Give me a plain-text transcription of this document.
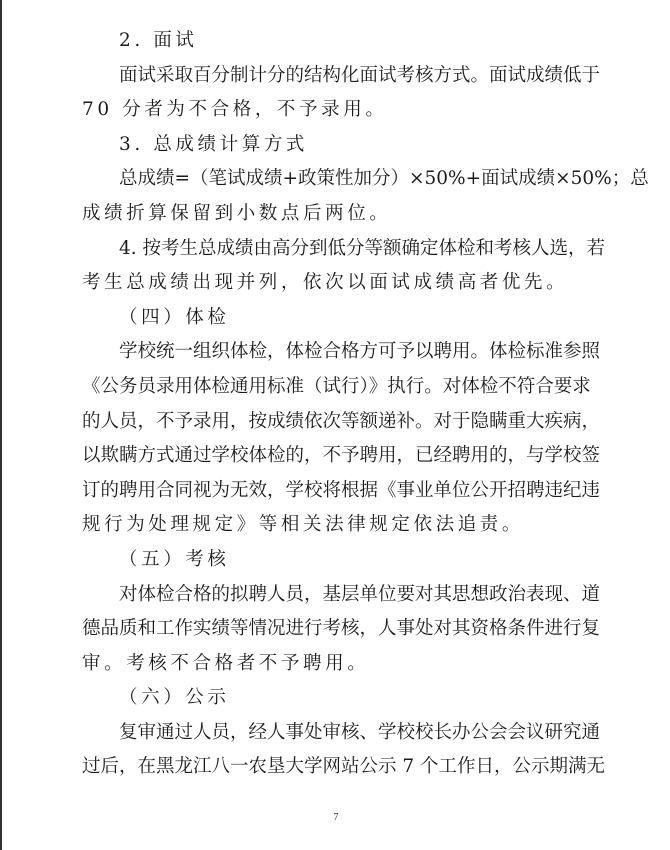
2. 面试
面试采取百分制计分的结构化面试考核方式。面试成绩低于
70 分者为不合格，不予录用。
3. 总成绩计算方式
总成绩=（笔试成绩+政策性加分）×50%+面试成绩×50%；总
成绩折算保留到小数点后两位。
4. 按考生总成绩由高分到低分等额确定体检和考核人选，若
考生总成绩出现并列，依次以面试成绩高者优先。
（四）体检
学校统一组织体检，体检合格方可予以聘用。体检标准参照
《公务员录用体检通用标准（试行）》执行。对体检不符合要求
的人员，不予录用，按成绩依次等额递补。对于隐瞒重大疾病，
以欺瞒方式通过学校体检的，不予聘用，已经聘用的，与学校签
订的聘用合同视为无效，学校将根据《事业单位公开招聘违纪违
规行为处理规定》等相关法律规定依法追责。
（五）考核
对体检合格的拟聘人员，基层单位要对其思想政治表现、道
德品质和工作实绩等情况进行考核，人事处对其资格条件进行复
审。考核不合格者不予聘用。
（六）公示
复审通过人员，经人事处审核、学校校长办公会会议研究通
过后，在黑龙江八一农垦大学网站公示 7 个工作日，公示期满无
7
